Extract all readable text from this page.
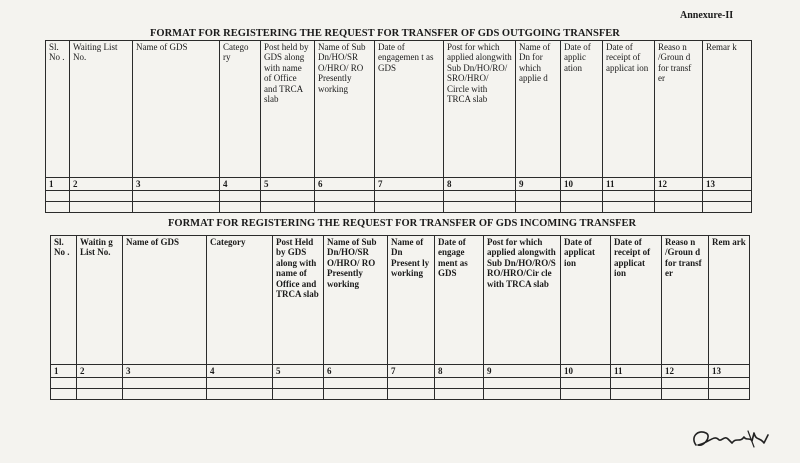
Annexure-II
FORMAT FOR REGISTERING THE REQUEST FOR TRANSFER OF GDS OUTGOING TRANSFER
Sl. No .	Waiting List No.	Name of GDS	Catego ry	Post held by GDS along with name of Office and TRCA slab	Name of Sub Dn/HO/SR O/HRO/ RO Presently working	Date of engagemen t as GDS	Post for which applied alongwith Sub Dn/HO/RO/ SRO/HRO/ Circle with TRCA slab	Name of Dn for which applie d	Date of applic ation	Date of receipt of applicat ion	Reaso n /Groun d for transf er	Remar k
1	2	3	4	5	6	7	8	9	10	11	12	13

FORMAT FOR REGISTERING THE REQUEST FOR TRANSFER OF GDS INCOMING TRANSFER
Sl. No .	Waitin g List No.	Name of GDS	Category	Post Held by GDS along with name of Office and TRCA slab	Name of Sub Dn/HO/SR O/HRO/ RO Presently working	Name of Dn Present ly working	Date of engage ment as GDS	Post for which applied alongwith Sub Dn/HO/RO/S RO/HRO/Cir cle with TRCA slab	Date of applicat ion	Date of receipt of applicat ion	Reaso n /Groun d for transf er	Rem ark
1	2	3	4	5	6	7	8	9	10	11	12	13
